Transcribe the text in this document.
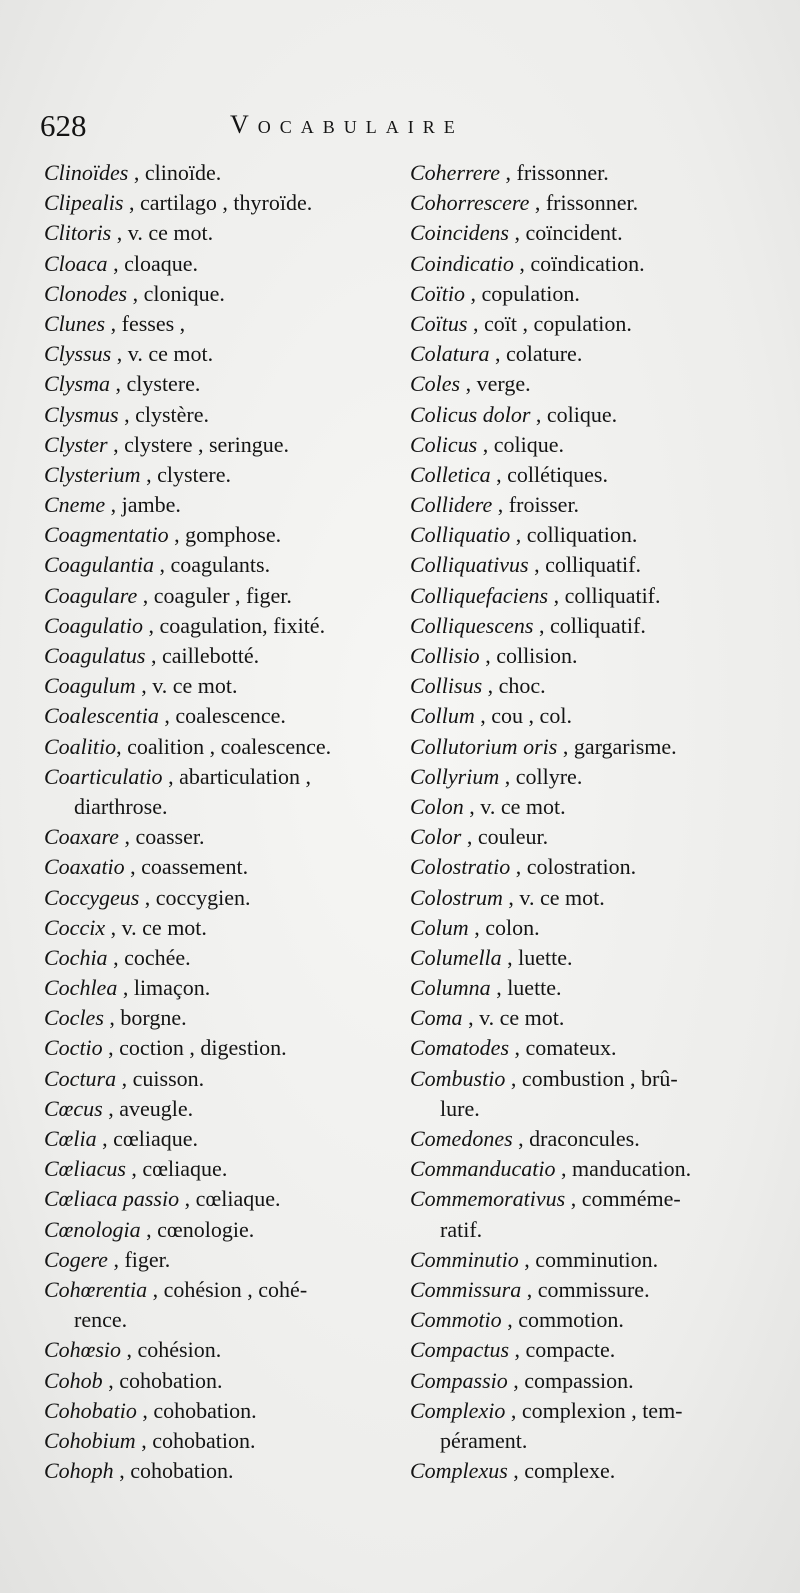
628	Vocabulaire
Clinoïdes , clinoïde.
Clipealis , cartilago , thyroïde.
Clitoris , v. ce mot.
Cloaca , cloaque.
Clonodes , clonique.
Clunes , fesses ,
Clyssus , v. ce mot.
Clysma , clystere.
Clysmus , clystère.
Clyster , clystere , seringue.
Clysterium , clystere.
Cneme , jambe.
Coagmentatio , gomphose.
Coagulantia , coagulants.
Coagulare , coaguler , figer.
Coagulatio , coagulation, fixité.
Coagulatus , caillebotté.
Coagulum , v. ce mot.
Coalescentia , coalescence.
Coalitio, coalition , coalescence.
Coarticulatio , abarticulation ,
diarthrose.
Coaxare , coasser.
Coaxatio , coassement.
Coccygeus , coccygien.
Coccix , v. ce mot.
Cochia , cochée.
Cochlea , limaçon.
Cocles , borgne.
Coctio , coction , digestion.
Coctura , cuisson.
Cœcus , aveugle.
Cœlia , cœliaque.
Cœliacus , cœliaque.
Cœliaca passio , cœliaque.
Cœnologia , cœnologie.
Cogere , figer.
Cohœrentia , cohésion , cohé-
rence.
Cohœsio , cohésion.
Cohob , cohobation.
Cohobatio , cohobation.
Cohobium , cohobation.
Cohoph , cohobation.
Coherrere , frissonner.
Cohorrescere , frissonner.
Coincidens , coïncident.
Coindicatio , coïndication.
Coïtio , copulation.
Coïtus , coït , copulation.
Colatura , colature.
Coles , verge.
Colicus dolor , colique.
Colicus , colique.
Colletica , collétiques.
Collidere , froisser.
Colliquatio , colliquation.
Colliquativus , colliquatif.
Colliquefaciens , colliquatif.
Colliquescens , colliquatif.
Collisio , collision.
Collisus , choc.
Collum , cou , col.
Collutorium oris , gargarisme.
Collyrium , collyre.
Colon , v. ce mot.
Color , couleur.
Colostratio , colostration.
Colostrum , v. ce mot.
Colum , colon.
Columella , luette.
Columna , luette.
Coma , v. ce mot.
Comatodes , comateux.
Combustio , combustion , brû-
lure.
Comedones , draconcules.
Commanducatio , manducation.
Commemorativus , comméme-
ratif.
Comminutio , comminution.
Commissura , commissure.
Commotio , commotion.
Compactus , compacte.
Compassio , compassion.
Complexio , complexion , tem-
pérament.
Complexus , complexe.
